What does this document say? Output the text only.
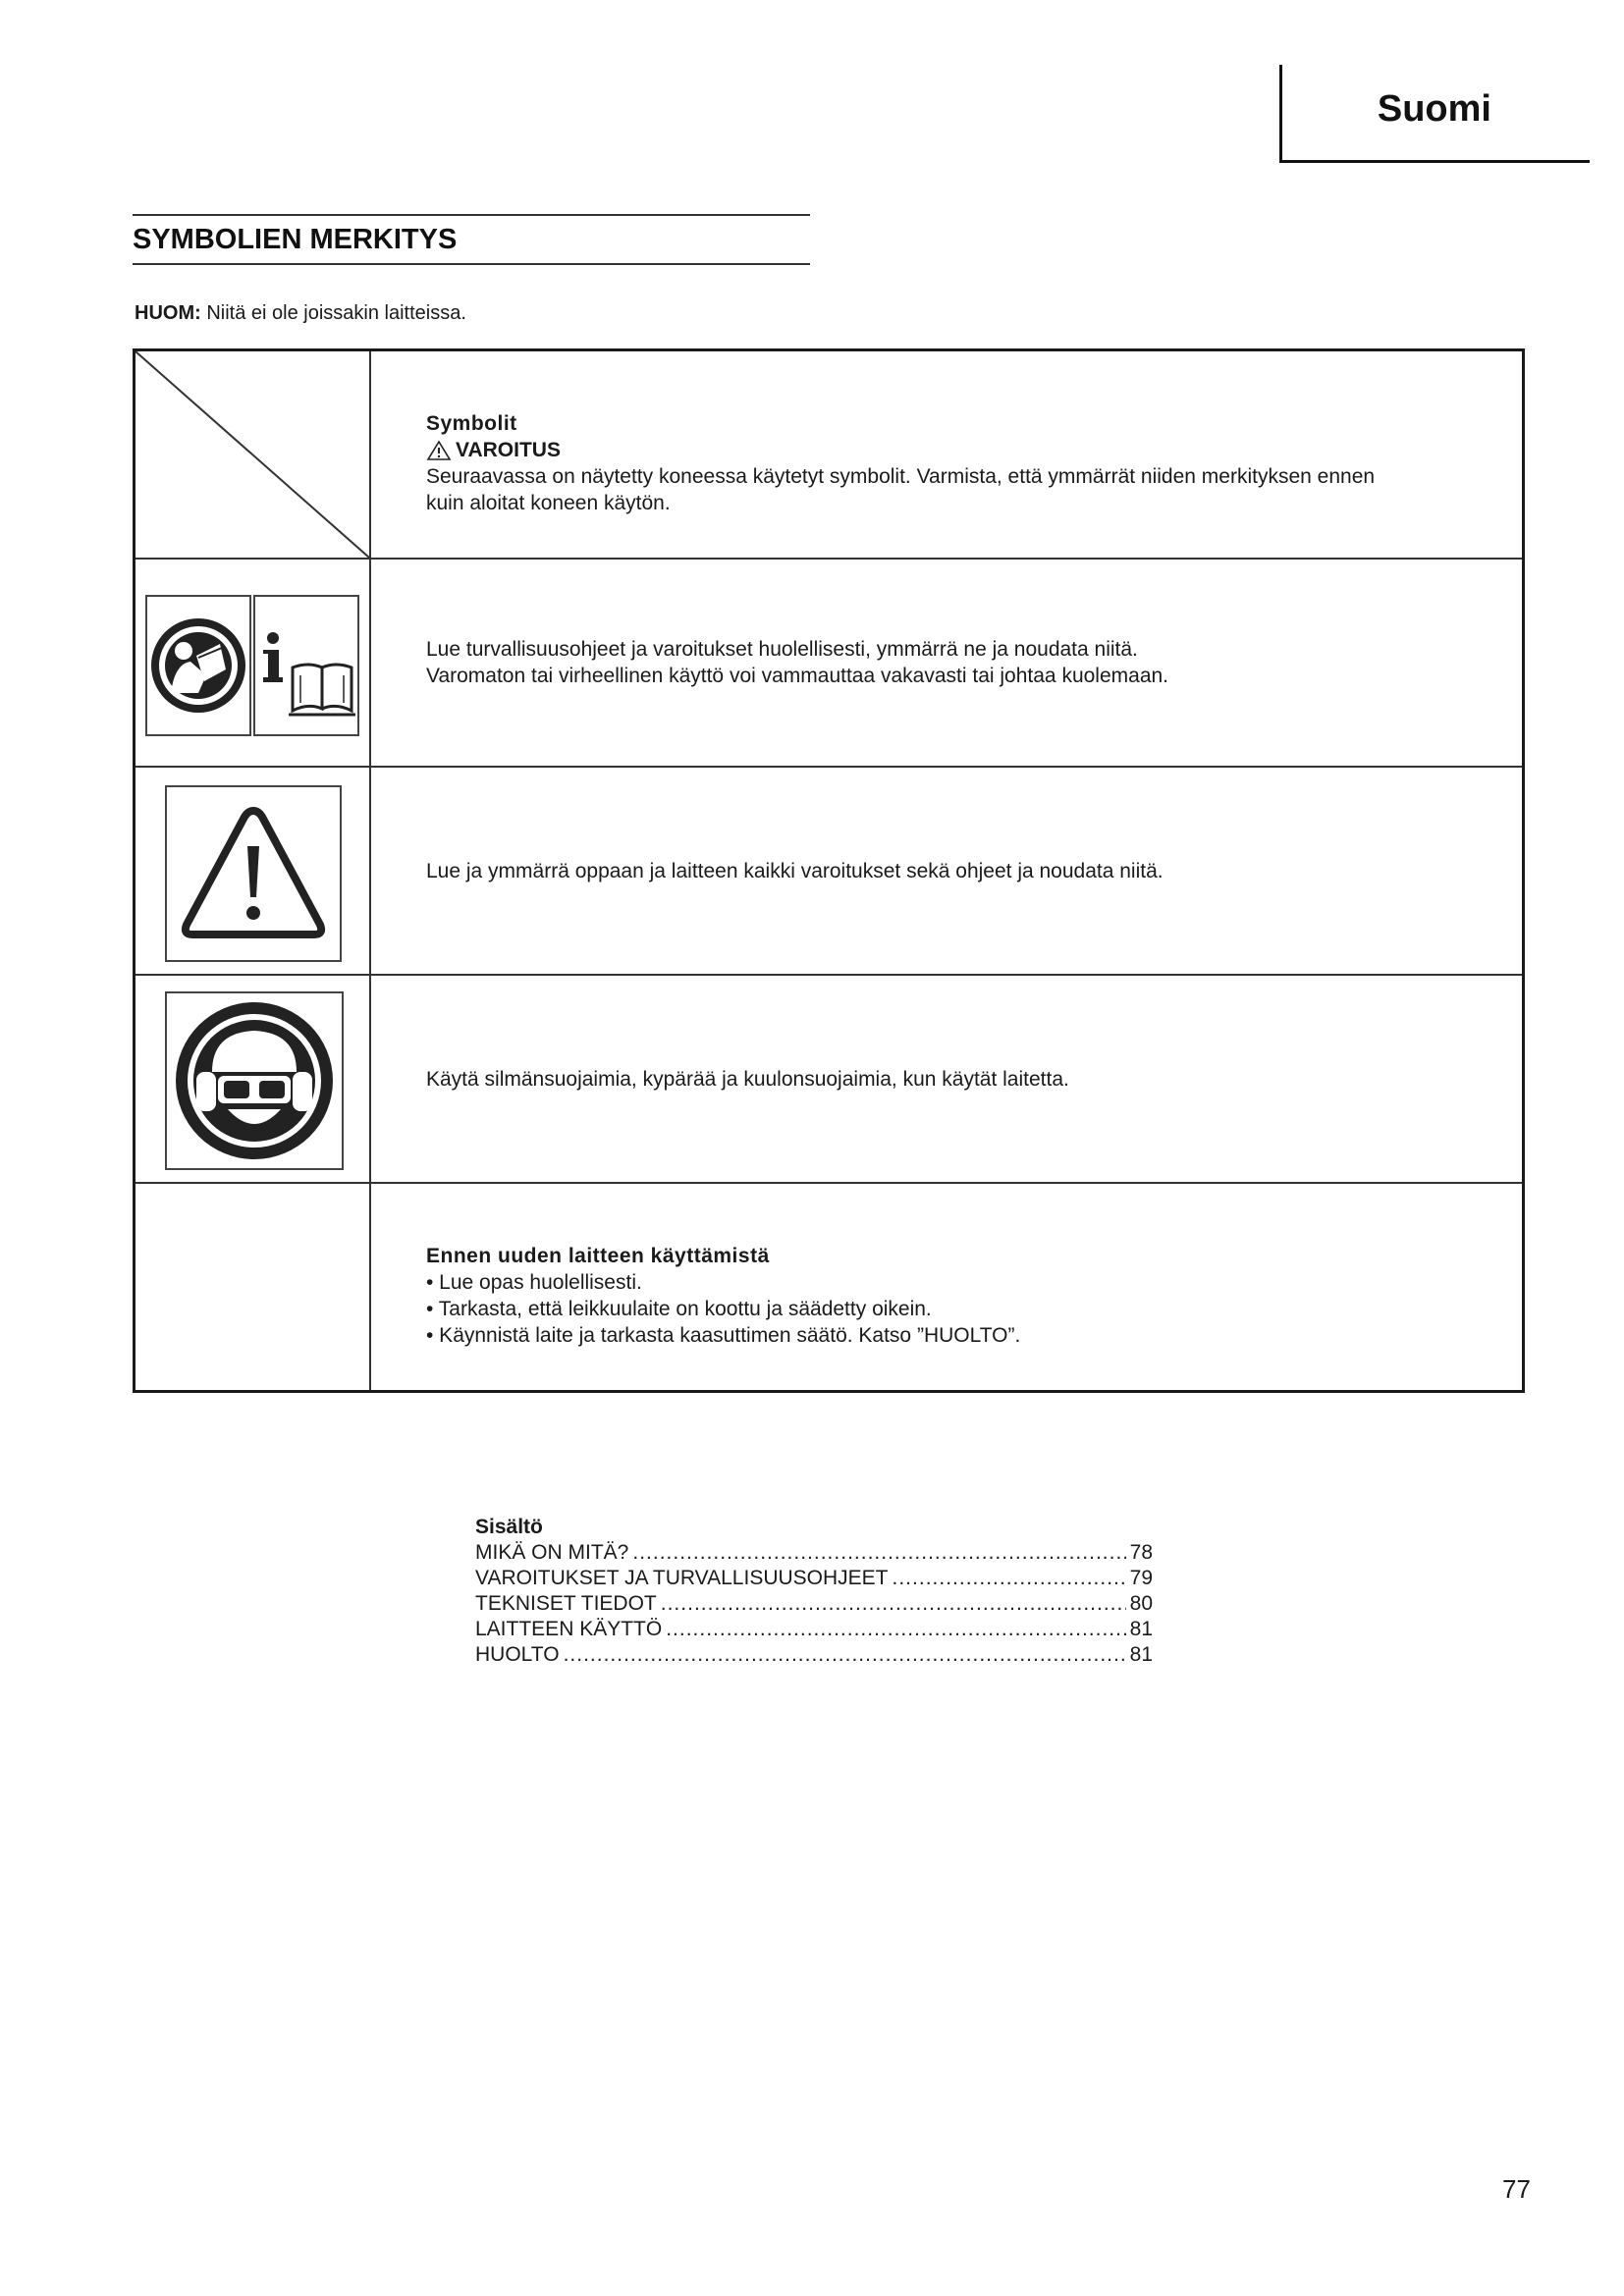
Suomi
SYMBOLIEN MERKITYS
HUOM: Niitä ei ole joissakin laitteissa.
Symbolit
VAROITUS
Seuraavassa on näytetty koneessa käytetyt symbolit. Varmista, että ymmärrät niiden merkityksen ennen
kuin aloitat koneen käytön.
Lue turvallisuusohjeet ja varoitukset huolellisesti, ymmärrä ne ja noudata niitä.
Varomaton tai virheellinen käyttö voi vammauttaa vakavasti tai johtaa kuolemaan.
Lue ja ymmärrä oppaan ja laitteen kaikki varoitukset sekä ohjeet ja noudata niitä.
Käytä silmänsuojaimia, kypärää ja kuulonsuojaimia, kun käytät laitetta.
Ennen uuden laitteen käyttämistä
• Lue opas huolellisesti.
• Tarkasta, että leikkuulaite on koottu ja säädetty oikein.
• Käynnistä laite ja tarkasta kaasuttimen säätö. Katso ”HUOLTO”.
Sisältö
MIKÄ ON MITÄ? .....	78
VAROITUKSET JA TURVALLISUUSOHJEET .....	79
TEKNISET TIEDOT .....	80
LAITTEEN KÄYTTÖ .....	81
HUOLTO .....	81
77
